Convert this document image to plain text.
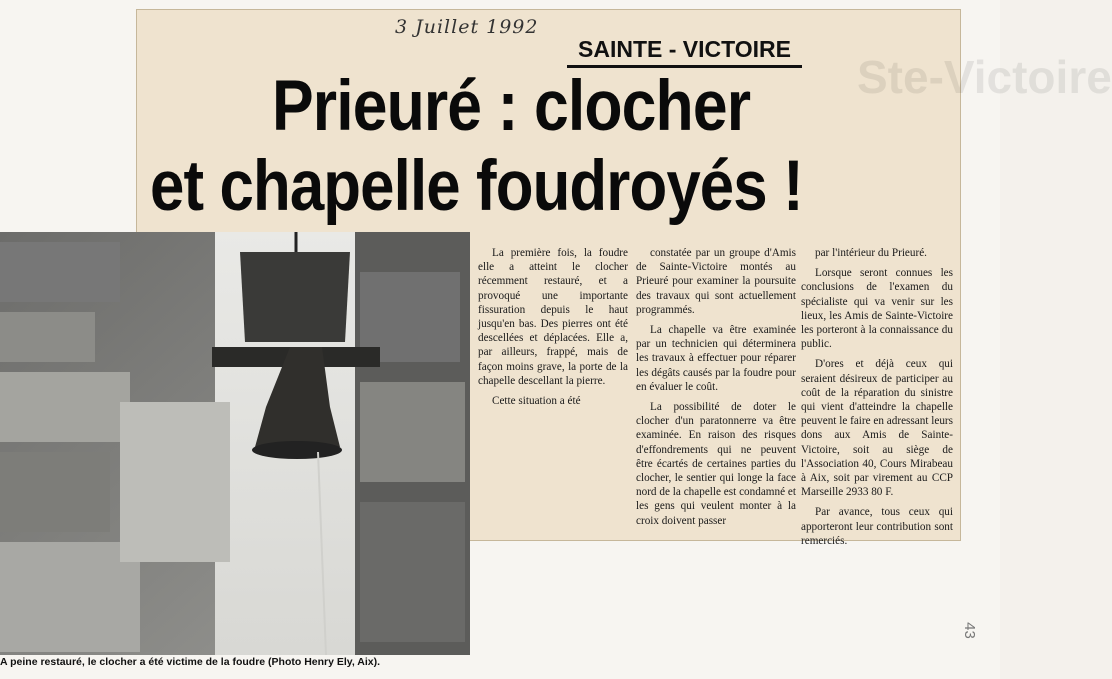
43
3 Juillet 1992
Ste-Victoire
SAINTE - VICTOIRE
Prieuré : clocher
et chapelle foudroyés !
A peine restauré, le clocher a été victime de la foudre (Photo Henry Ely, Aix).

La première fois, la foudre elle a atteint le clocher récemment restauré, et a provoqué une importante fissuration depuis le haut jusqu'en bas. Des pierres ont été descellées et déplacées. Elle a, par ailleurs, frappé, mais de façon moins grave, la porte de la chapelle descellant la pierre.

Cette situation a été

constatée par un groupe d'Amis de Sainte-Victoire montés au Prieuré pour examiner la poursuite des travaux qui sont actuellement programmés.

La chapelle va être examinée par un technicien qui déterminera les travaux à effectuer pour réparer les dégâts causés par la foudre pour en évaluer le coût.

La possibilité de doter le clocher d'un paratonnerre va être examinée. En raison des risques d'effondrements qui ne peuvent être écartés de certaines parties du clocher, le sentier qui longe la face nord de la chapelle est condamné et les gens qui veulent monter à la croix doivent passer

par l'intérieur du Prieuré.

Lorsque seront connues les conclusions de l'examen du spécialiste qui va venir sur les lieux, les Amis de Sainte-Victoire les porteront à la connaissance du public.

D'ores et déjà ceux qui seraient désireux de participer au coût de la réparation du sinistre qui vient d'atteindre la chapelle peuvent le faire en adressant leurs dons aux Amis de Sainte-Victoire, soit au siège de l'Association 40, Cours Mirabeau à Aix, soit par virement au CCP Marseille 2933 80 F.

Par avance, tous ceux qui apporteront leur contribution sont remerciés.
